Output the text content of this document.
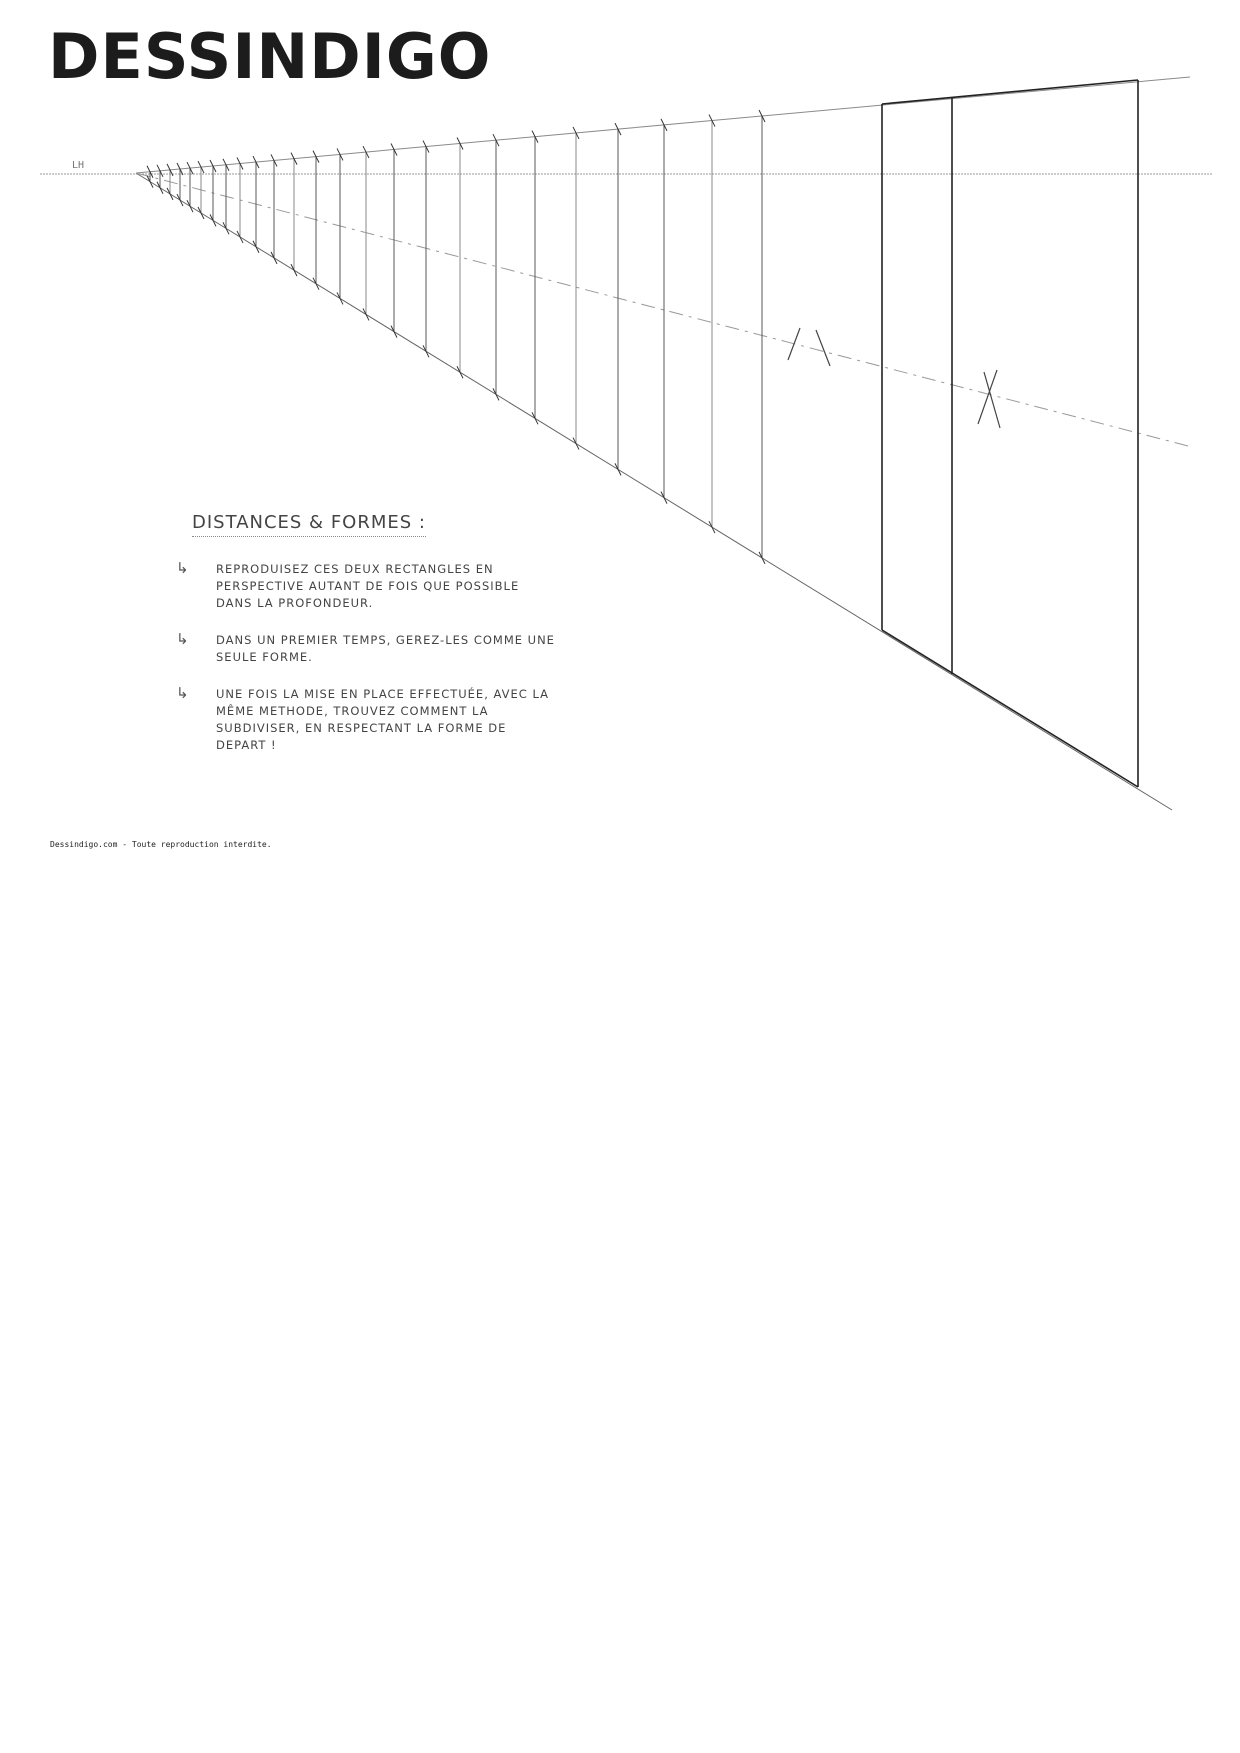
DESSINDIGO
LH
DISTANCES & FORMES :
↳	REPRODUISEZ CES DEUX RECTANGLES EN PERSPECTIVE AUTANT DE FOIS QUE POSSIBLE DANS LA PROFONDEUR.
↳	DANS UN PREMIER TEMPS, GEREZ-LES COMME UNE SEULE FORME.
↳	UNE FOIS LA MISE EN PLACE EFFECTUÉE, AVEC LA MÊME METHODE, TROUVEZ COMMENT LA SUBDIVISER, EN RESPECTANT LA FORME DE DEPART !
Dessindigo.com - Toute reproduction interdite.
